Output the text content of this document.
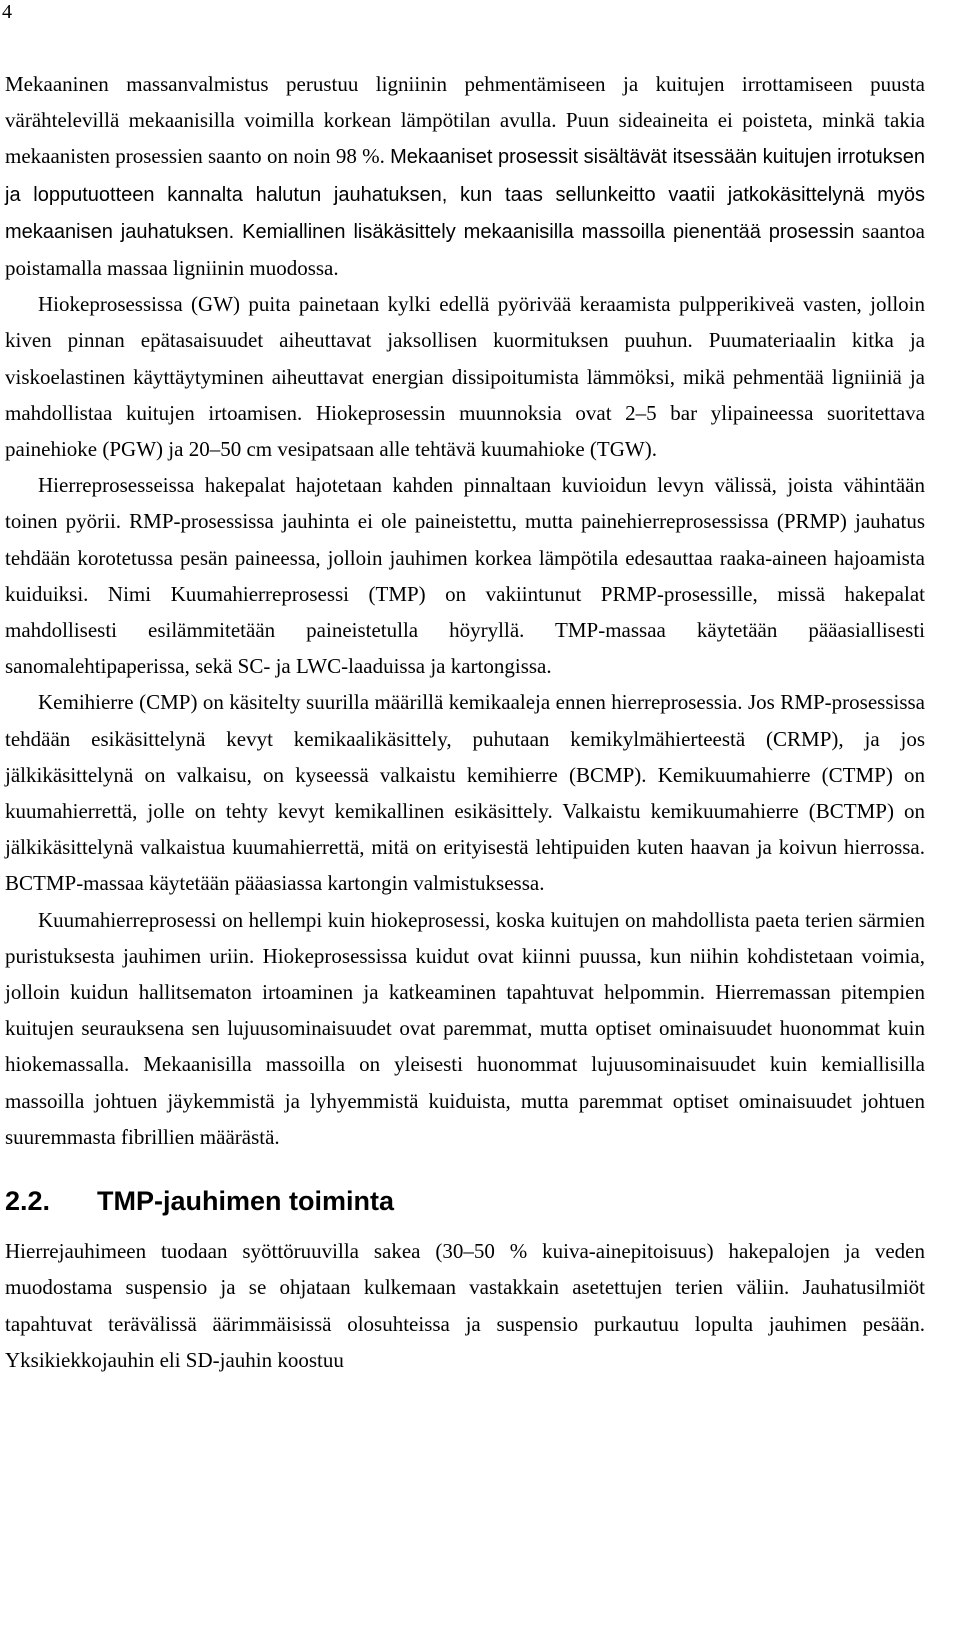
4

Mekaaninen massanvalmistus perustuu ligniinin pehmentämiseen ja kuitujen irrottamiseen puusta värähtelevillä mekaanisilla voimilla korkean lämpötilan avulla. Puun sideaineita ei poisteta, minkä takia mekaanisten prosessien saanto on noin 98 %. Mekaaniset prosessit sisältävät itsessään kuitujen irrotuksen ja lopputuotteen kannalta halutun jauhatuksen, kun taas sellunkeitto vaatii jatkokäsittelynä myös mekaanisen jauhatuksen. Kemiallinen lisäkäsittely mekaanisilla massoilla pienentää prosessin saantoa poistamalla massaa ligniinin muodossa.

Hiokeprosessissa (GW) puita painetaan kylki edellä pyörivää keraamista pulpperikiveä vasten, jolloin kiven pinnan epätasaisuudet aiheuttavat jaksollisen kuormituksen puuhun. Puumateriaalin kitka ja viskoelastinen käyttäytyminen aiheuttavat energian dissipoitumista lämmöksi, mikä pehmentää ligniiniä ja mahdollistaa kuitujen irtoamisen. Hiokeprosessin muunnoksia ovat 2–5 bar ylipaineessa suoritettava painehioke (PGW) ja 20–50 cm vesipatsaan alle tehtävä kuumahioke (TGW).

Hierreprosesseissa hakepalat hajotetaan kahden pinnaltaan kuvioidun levyn välissä, joista vähintään toinen pyörii. RMP-prosessissa jauhinta ei ole paineistettu, mutta painehierreprosessissa (PRMP) jauhatus tehdään korotetussa pesän paineessa, jolloin jauhimen korkea lämpötila edesauttaa raaka-aineen hajoamista kuiduiksi. Nimi Kuumahierreprosessi (TMP) on vakiintunut PRMP-prosessille, missä hakepalat mahdollisesti esilämmitetään paineistetulla höyryllä. TMP-massaa käytetään pääasiallisesti sanomalehtipaperissa, sekä SC- ja LWC-laaduissa ja kartongissa.

Kemihierre (CMP) on käsitelty suurilla määrillä kemikaaleja ennen hierreprosessia. Jos RMP-prosessissa tehdään esikäsittelynä kevyt kemikaalikäsittely, puhutaan kemikylmähierteestä (CRMP), ja jos jälkikäsittelynä on valkaisu, on kyseessä valkaistu kemihierre (BCMP). Kemikuumahierre (CTMP) on kuumahierrettä, jolle on tehty kevyt kemikallinen esikäsittely. Valkaistu kemikuumahierre (BCTMP) on jälkikäsittelynä valkaistua kuumahierrettä, mitä on erityisestä lehtipuiden kuten haavan ja koivun hierrossa. BCTMP-massaa käytetään pääasiassa kartongin valmistuksessa.

Kuumahierreprosessi on hellempi kuin hiokeprosessi, koska kuitujen on mahdollista paeta terien särmien puristuksesta jauhimen uriin. Hiokeprosessissa kuidut ovat kiinni puussa, kun niihin kohdistetaan voimia, jolloin kuidun hallitsematon irtoaminen ja katkeaminen tapahtuvat helpommin. Hierremassan pitempien kuitujen seurauksena sen lujuusominaisuudet ovat paremmat, mutta optiset ominaisuudet huonommat kuin hiokemassalla. Mekaanisilla massoilla on yleisesti huonommat lujuusominaisuudet kuin kemiallisilla massoilla johtuen jäykemmistä ja lyhyemmistä kuiduista, mutta paremmat optiset ominaisuudet johtuen suuremmasta fibrillien määrästä.

2.2.	TMP-jauhimen toiminta

Hierrejauhimeen tuodaan syöttöruuvilla sakea (30–50 % kuiva-ainepitoisuus) hakepalojen ja veden muodostama suspensio ja se ohjataan kulkemaan vastakkain asetettujen terien väliin. Jauhatusilmiöt tapahtuvat terävälissä äärimmäisissä olosuhteissa ja suspensio purkautuu lopulta jauhimen pesään. Yksikiekkojauhin eli SD-jauhin koostuu
